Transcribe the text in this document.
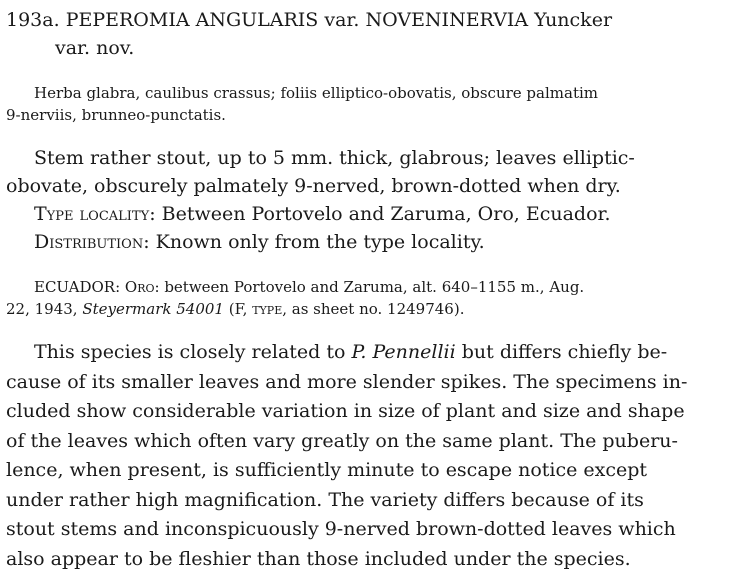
193a. PEPEROMIA ANGULARIS var. NOVENINERVIA Yuncker
var. nov.
Herba glabra, caulibus crassus; foliis elliptico-obovatis, obscure palmatim
9-nerviis, brunneo-punctatis.
Stem rather stout, up to 5 mm. thick, glabrous; leaves elliptiс-
obovate, obscurely palmately 9-nerved, brown-dotted when dry.
Type locality: Between Portovelo and Zaruma, Oro, Ecuador.
Distribution: Known only from the type locality.
ECUADOR: Oro: between Portovelo and Zaruma, alt. 640–1155 m., Aug.
22, 1943, Steyermark 54001 (F, type, as sheet no. 1249746).
This species is closely related to P. Pennellii but differs chiefly be-
cause of its smaller leaves and more slender spikes. The specimens in-
cluded show considerable variation in size of plant and size and shape
of the leaves which often vary greatly on the same plant. The puberu-
lence, when present, is sufficiently minute to escape notice except
under rather high magnification. The variety differs because of its
stout stems and inconspicuously 9-nerved brown-dotted leaves which
also appear to be fleshier than those included under the species.
